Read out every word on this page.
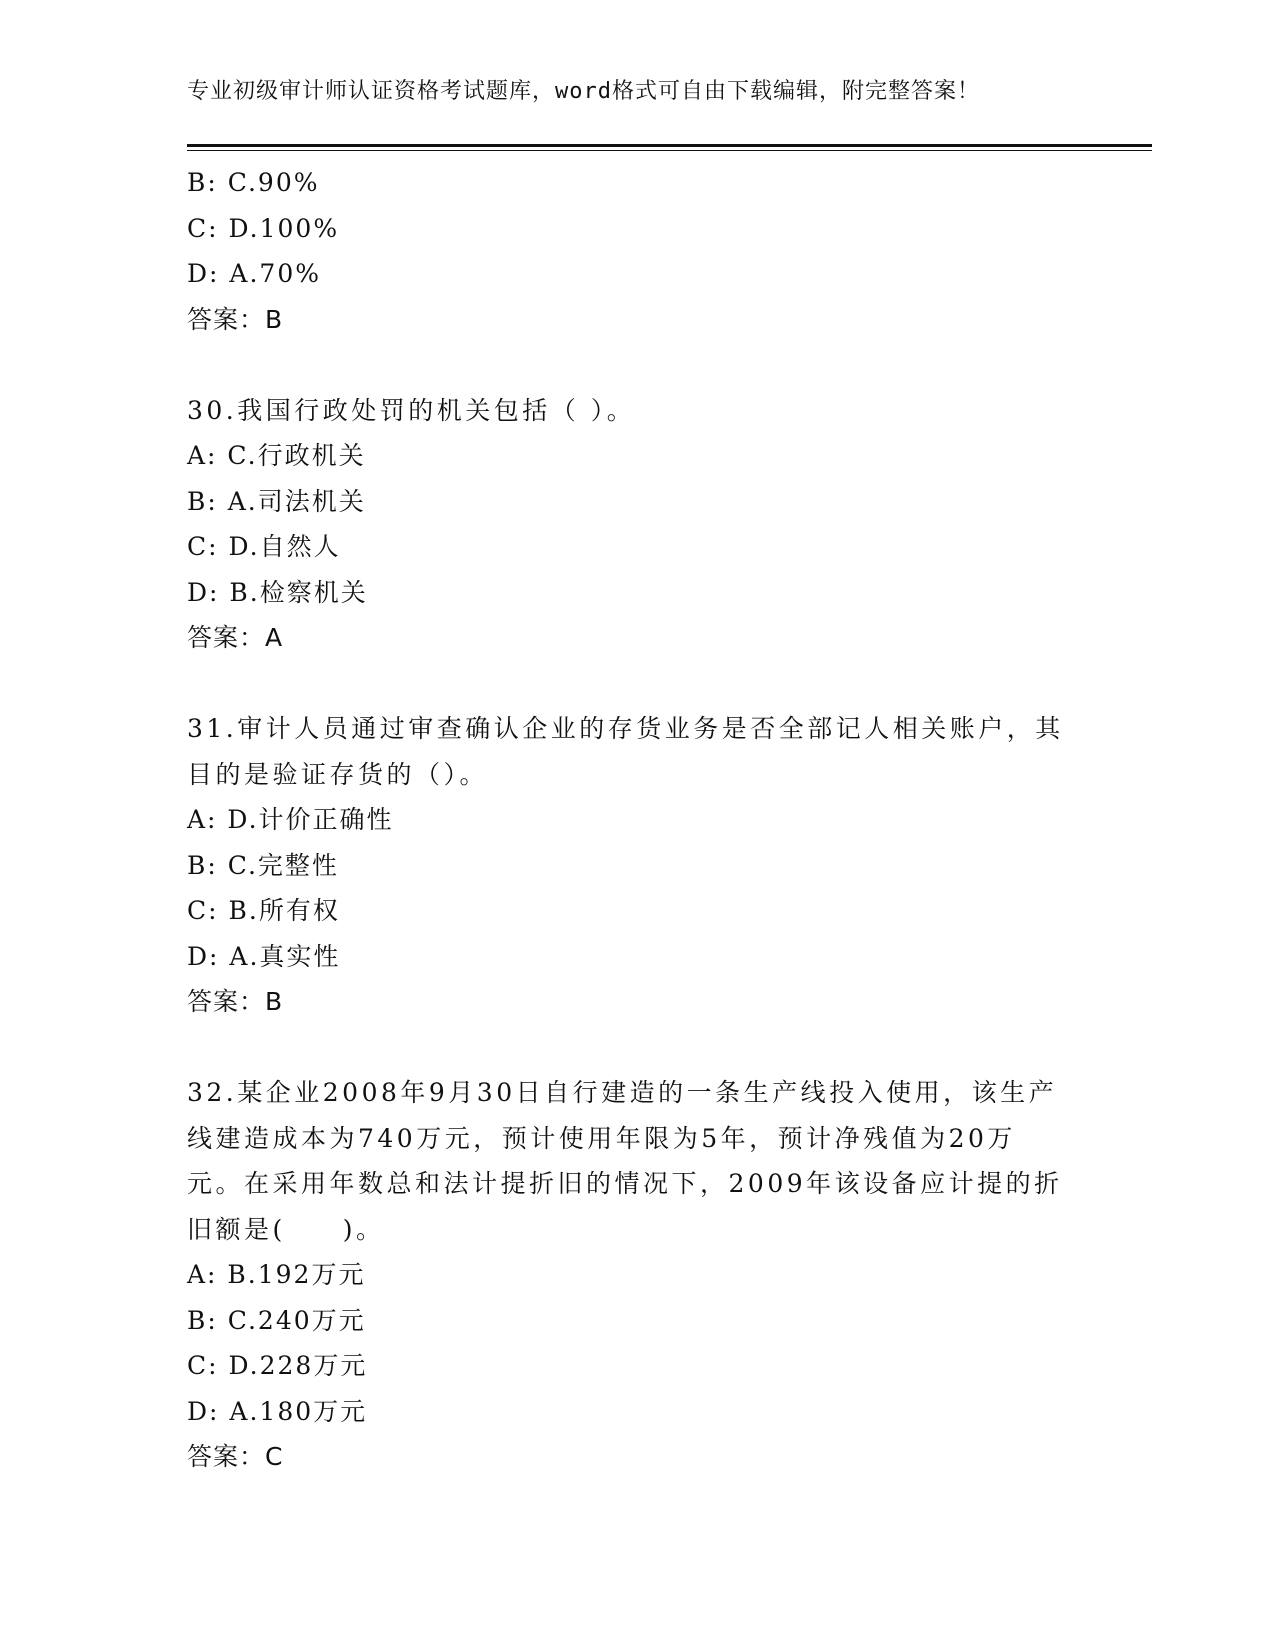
专业初级审计师认证资格考试题库，word格式可自由下载编辑，附完整答案！
B: C.90%
C: D.100%
D: A.70%
答案：B
30.我国行政处罚的机关包括（ ）。
A: C.行政机关
B: A.司法机关
C: D.自然人
D: B.检察机关
答案：A
31.审计人员通过审查确认企业的存货业务是否全部记人相关账户，其目的是验证存货的（）。
A: D.计价正确性
B: C.完整性
C: B.所有权
D: A.真实性
答案：B
32.某企业2008年9月30日自行建造的一条生产线投入使用，该生产线建造成本为740万元，预计使用年限为5年，预计净残值为20万元。在采用年数总和法计提折旧的情况下，2009年该设备应计提的折旧额是(　　)。
A: B.192万元
B: C.240万元
C: D.228万元
D: A.180万元
答案：C
